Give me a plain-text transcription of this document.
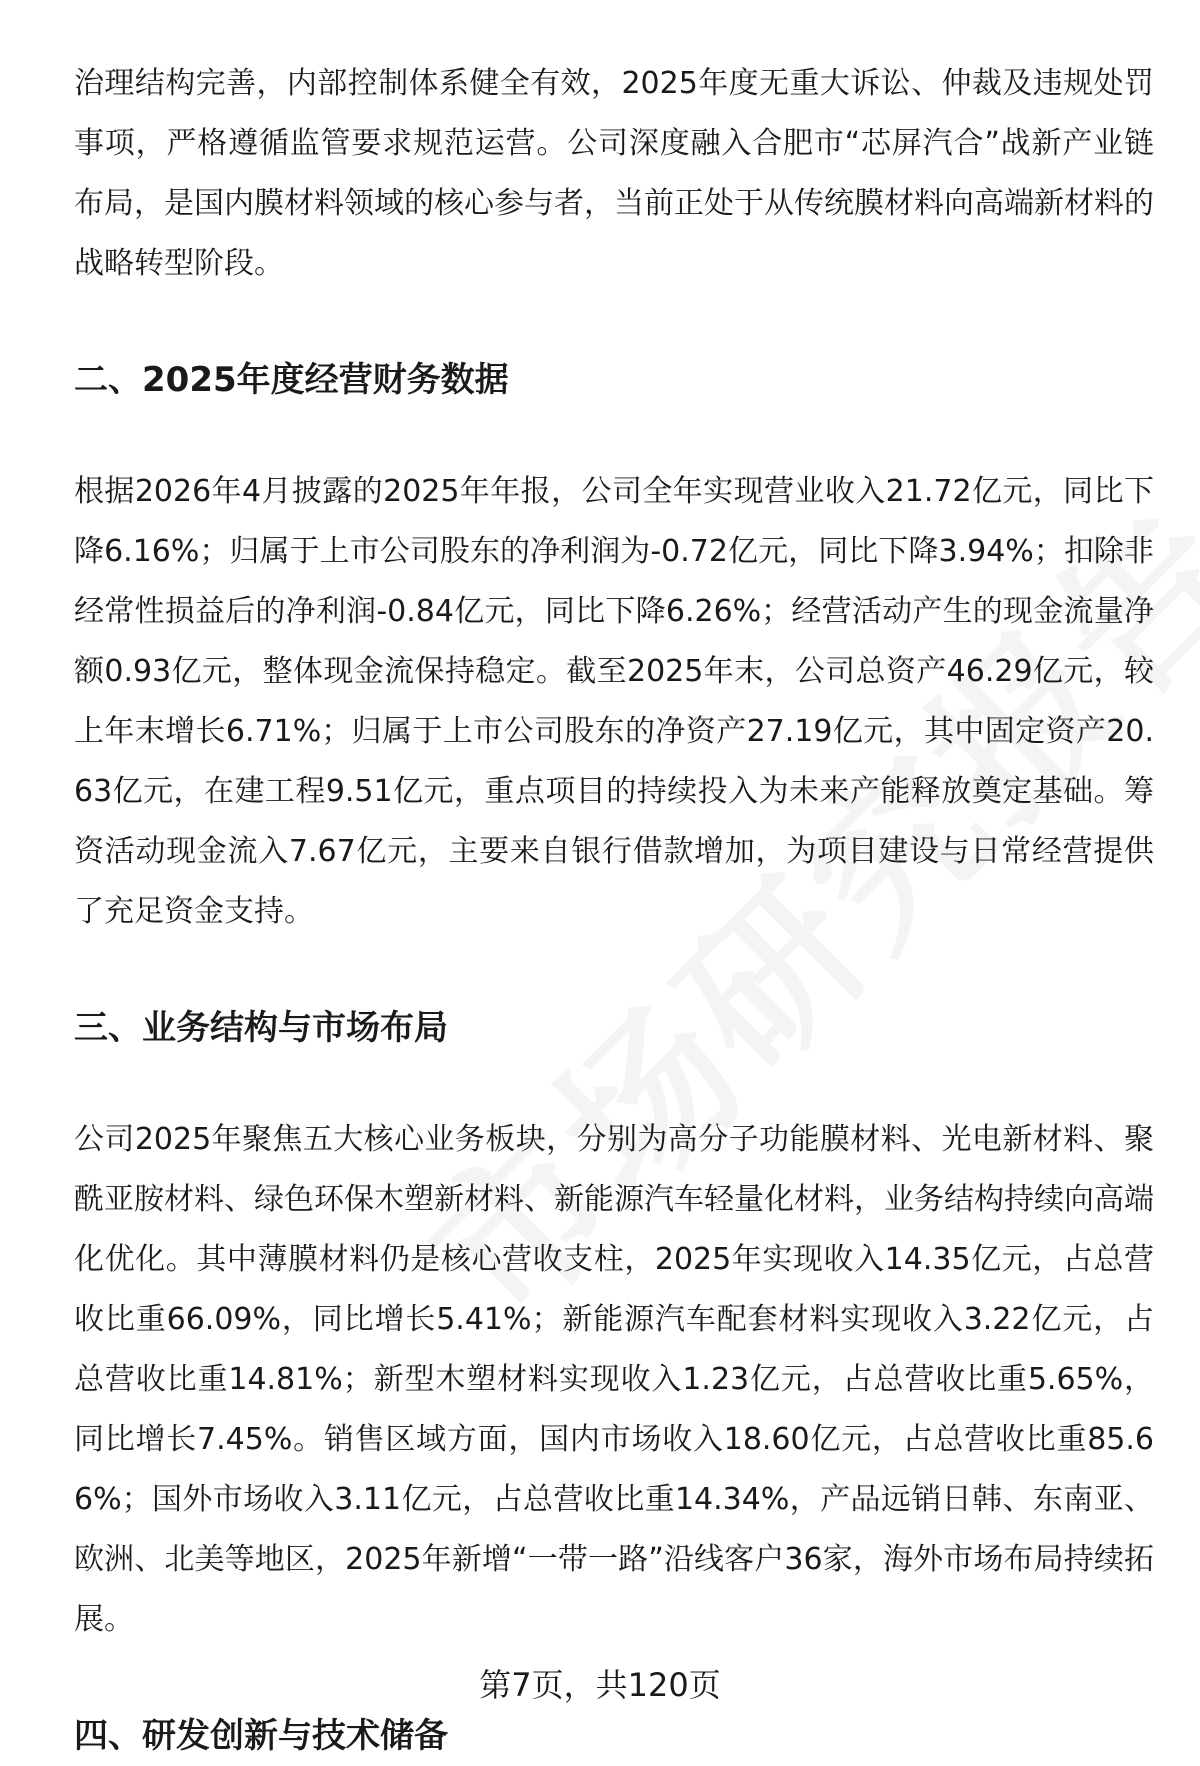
治理结构完善，内部控制体系健全有效，2025年度无重大诉讼、仲裁及违规处罚事项，严格遵循监管要求规范运营。公司深度融入合肥市“芯屏汽合”战新产业链布局，是国内膜材料领域的核心参与者，当前正处于从传统膜材料向高端新材料的战略转型阶段。

二、2025年度经营财务数据

根据2026年4月披露的2025年年报，公司全年实现营业收入21.72亿元，同比下降6.16%；归属于上市公司股东的净利润为-0.72亿元，同比下降3.94%；扣除非经常性损益后的净利润-0.84亿元，同比下降6.26%；经营活动产生的现金流量净额0.93亿元，整体现金流保持稳定。截至2025年末，公司总资产46.29亿元，较上年末增长6.71%；归属于上市公司股东的净资产27.19亿元，其中固定资产20.63亿元，在建工程9.51亿元，重点项目的持续投入为未来产能释放奠定基础。筹资活动现金流入7.67亿元，主要来自银行借款增加，为项目建设与日常经营提供了充足资金支持。

三、业务结构与市场布局

公司2025年聚焦五大核心业务板块，分别为高分子功能膜材料、光电新材料、聚酰亚胺材料、绿色环保木塑新材料、新能源汽车轻量化材料，业务结构持续向高端化优化。其中薄膜材料仍是核心营收支柱，2025年实现收入14.35亿元，占总营收比重66.09%，同比增长5.41%；新能源汽车配套材料实现收入3.22亿元，占总营收比重14.81%；新型木塑材料实现收入1.23亿元，占总营收比重5.65%，同比增长7.45%。销售区域方面，国内市场收入18.60亿元，占总营收比重85.66%；国外市场收入3.11亿元，占总营收比重14.34%，产品远销日韩、东南亚、欧洲、北美等地区，2025年新增“一带一路”沿线客户36家，海外市场布局持续拓展。

四、研发创新与技术储备
第7页，共120页
